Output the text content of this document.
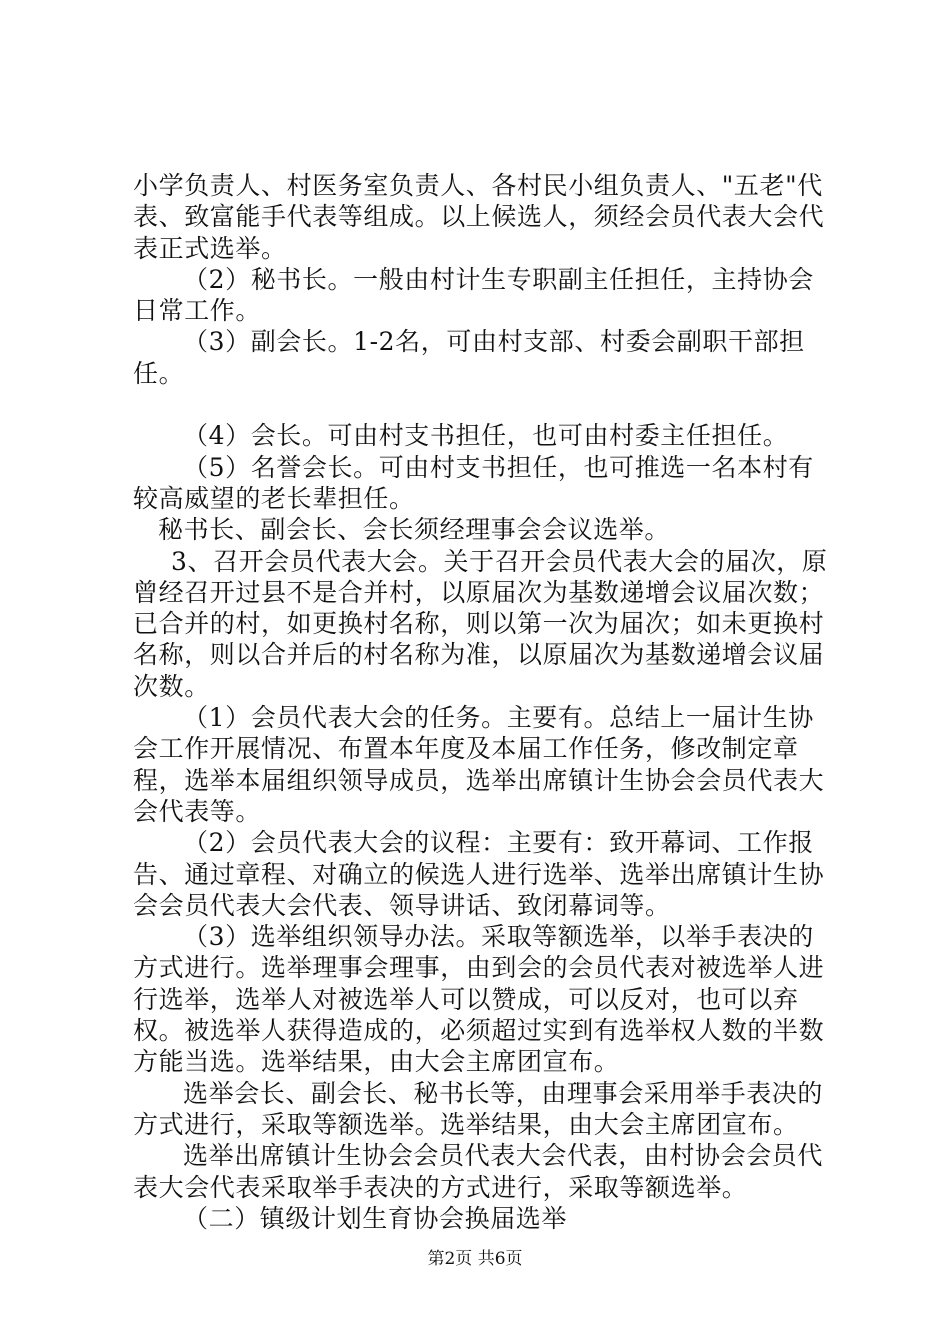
小学负责人、村医务室负责人、各村民小组负责人、"五老"代表、致富能手代表等组成。以上候选人，须经会员代表大会代表正式选举。

（2）秘书长。一般由村计生专职副主任担任，主持协会日常工作。

（3）副会长。1-2名，可由村支部、村委会副职干部担任。

（4）会长。可由村支书担任，也可由村委主任担任。

（5）名誉会长。可由村支书担任，也可推选一名本村有较高威望的老长辈担任。

秘书长、副会长、会长须经理事会会议选举。

3、召开会员代表大会。关于召开会员代表大会的届次，原曾经召开过县不是合并村，以原届次为基数递增会议届次数；已合并的村，如更换村名称，则以第一次为届次；如未更换村名称，则以合并后的村名称为准，以原届次为基数递增会议届次数。

（1）会员代表大会的任务。主要有。总结上一届计生协会工作开展情况、布置本年度及本届工作任务，修改制定章程，选举本届组织领导成员，选举出席镇计生协会会员代表大会代表等。

（2）会员代表大会的议程：主要有：致开幕词、工作报告、通过章程、对确立的候选人进行选举、选举出席镇计生协会会员代表大会代表、领导讲话、致闭幕词等。

（3）选举组织领导办法。采取等额选举，以举手表决的方式进行。选举理事会理事，由到会的会员代表对被选举人进行选举，选举人对被选举人可以赞成，可以反对，也可以弃权。被选举人获得造成的，必须超过实到有选举权人数的半数方能当选。选举结果，由大会主席团宣布。

选举会长、副会长、秘书长等，由理事会采用举手表决的方式进行，采取等额选举。选举结果，由大会主席团宣布。

选举出席镇计生协会会员代表大会代表，由村协会会员代表大会代表采取举手表决的方式进行，采取等额选举。

（二）镇级计划生育协会换届选举

第2页 共6页
